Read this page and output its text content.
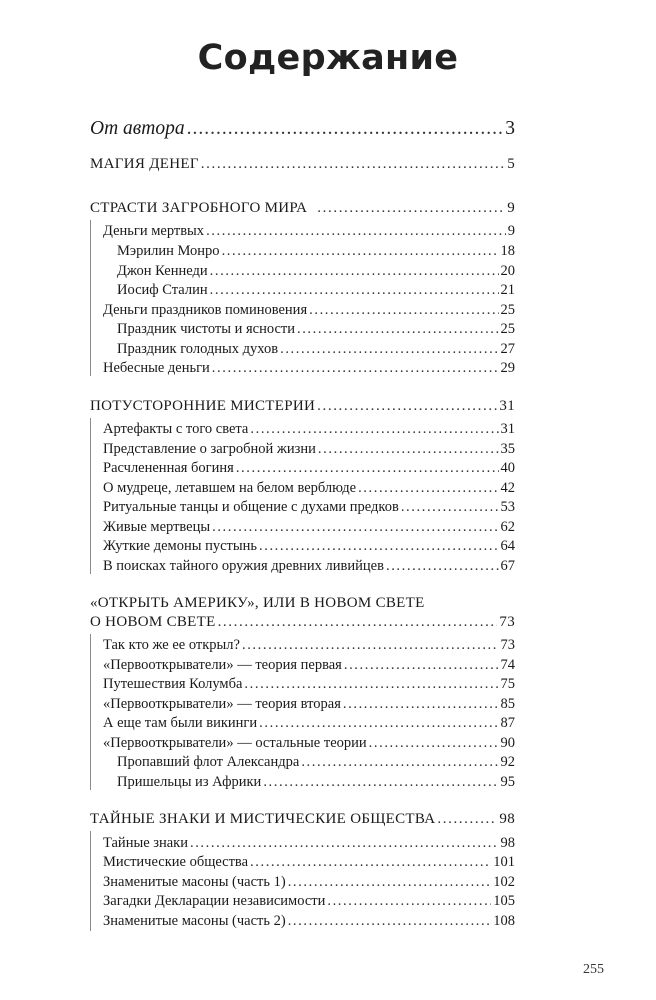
Содержание
От автора .....	3
МАГИЯ ДЕНЕГ .....	5
СТРАСТИ ЗАГРОБНОГО МИРА .....	9
Деньги мертвых .....	9
Мэрилин Монро .....	18
Джон Кеннеди .....	20
Иосиф Сталин .....	21
Деньги праздников поминовения .....	25
Праздник чистоты и ясности .....	25
Праздник голодных духов .....	27
Небесные деньги .....	29
ПОТУСТОРОННИЕ МИСТЕРИИ .....	31
Артефакты с того света .....	31
Представление о загробной жизни .....	35
Расчлененная богиня .....	40
О мудреце, летавшем на белом верблюде .....	42
Ритуальные танцы и общение с духами предков .....	53
Живые мертвецы .....	62
Жуткие демоны пустынь .....	64
В поисках тайного оружия древних ливийцев .....	67
«ОТКРЫТЬ АМЕРИКУ», ИЛИ В НОВОМ СВЕТЕ
О НОВОМ СВЕТЕ .....	73
Так кто же ее открыл? .....	73
«Первооткрыватели» — теория первая .....	74
Путешествия Колумба .....	75
«Первооткрыватели» — теория вторая .....	85
А еще там были викинги .....	87
«Первооткрыватели» — остальные теории .....	90
Пропавший флот Александра .....	92
Пришельцы из Африки .....	95
ТАЙНЫЕ ЗНАКИ И МИСТИЧЕСКИЕ ОБЩЕСТВА .....	98
Тайные знаки .....	98
Мистические общества .....	101
Знаменитые масоны (часть 1) .....	102
Загадки Декларации независимости .....	105
Знаменитые масоны (часть 2) .....	108
255
